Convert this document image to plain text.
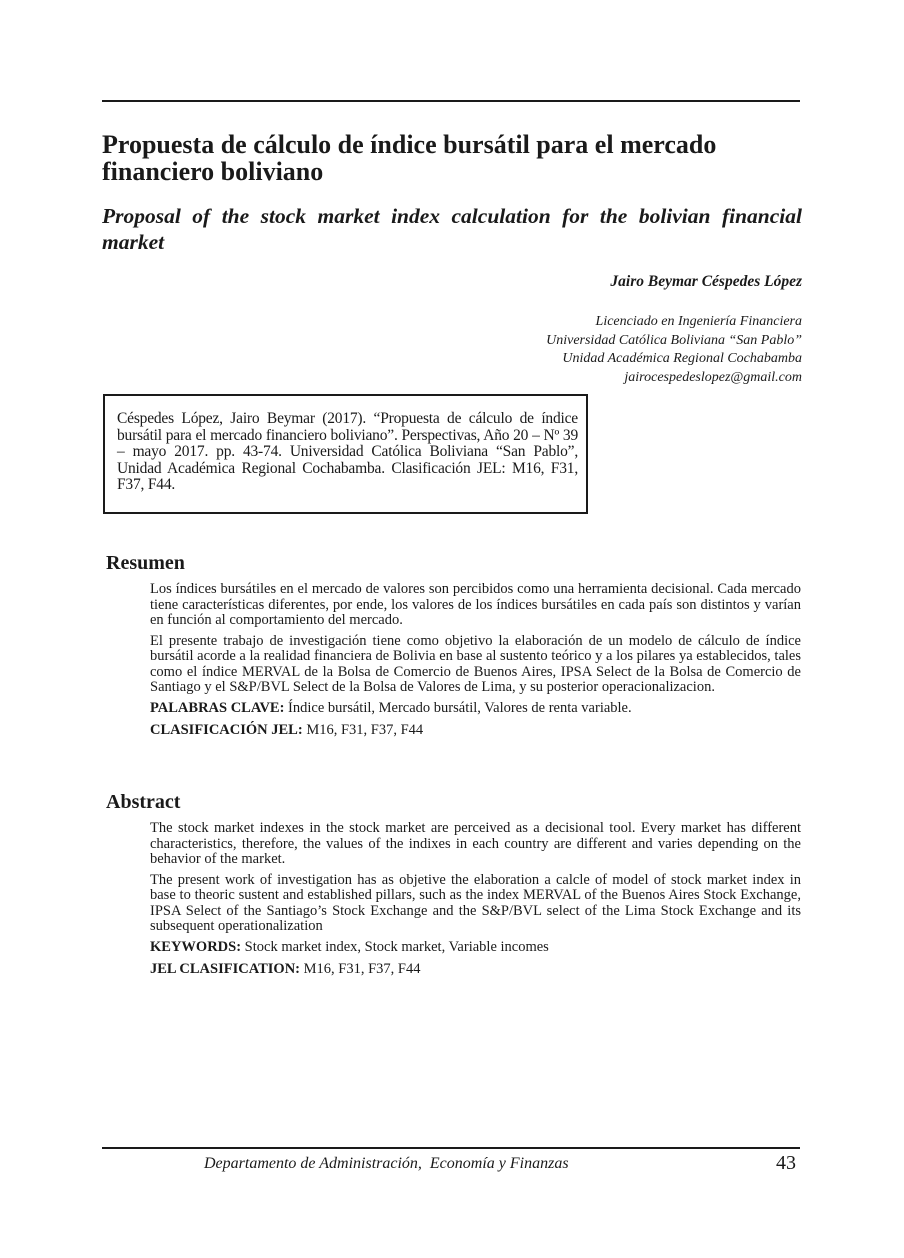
Propuesta de cálculo de índice bursátil para el mercado financiero boliviano
Proposal of the stock market index calculation for the bolivian financial market

Jairo Beymar Céspedes López

Licenciado en Ingeniería Financiera
Universidad Católica Boliviana “San Pablo”
Unidad Académica Regional Cochabamba
jairocespedeslopez@gmail.com
Céspedes López, Jairo Beymar (2017). “Propuesta de cálculo de índice bursátil para el mercado financiero boliviano”. Perspectivas, Año 20 – Nº 39 – mayo 2017. pp. 43-74. Universidad Católica Boliviana “San Pablo”, Unidad Académica Regional Cochabamba. Clasificación JEL: M16, F31, F37, F44.
Resumen

Los índices bursátiles en el mercado de valores son percibidos como una herramienta decisional. Cada mercado tiene características diferentes, por ende, los valores de los índices bursátiles en cada país son distintos y varían en función al comportamiento del mercado.

El presente trabajo de investigación tiene como objetivo la elaboración de un modelo de cálculo de índice bursátil acorde a la realidad financiera de Bolivia en base al sustento teórico y a los pilares ya establecidos, tales como el índice MERVAL de la Bolsa de Comercio de Buenos Aires, IPSA Select de la Bolsa de Comercio de Santiago y el S&P/BVL Select de la Bolsa de Valores de Lima, y su posterior operacionalizacion.

PALABRAS CLAVE: Índice bursátil, Mercado bursátil, Valores de renta variable.

CLASIFICACIÓN JEL: M16, F31, F37, F44

Abstract

The stock market indexes in the stock market are perceived as a decisional tool. Every market has different characteristics, therefore, the values of the indixes in each country are different and varies depending on the behavior of the market.

The present work of investigation has as objetive the elaboration a calcle of model of stock market index in base to theoric sustent and established pillars, such as the index MERVAL of the Buenos Aires Stock Exchange, IPSA Select of the Santiago’s Stock Exchange and the S&P/BVL select of the Lima Stock Exchange and its subsequent operationalization

KEYWORDS: Stock market index, Stock market, Variable incomes

JEL CLASIFICATION: M16, F31, F37, F44

Departamento de Administración,  Economía y Finanzas	43
